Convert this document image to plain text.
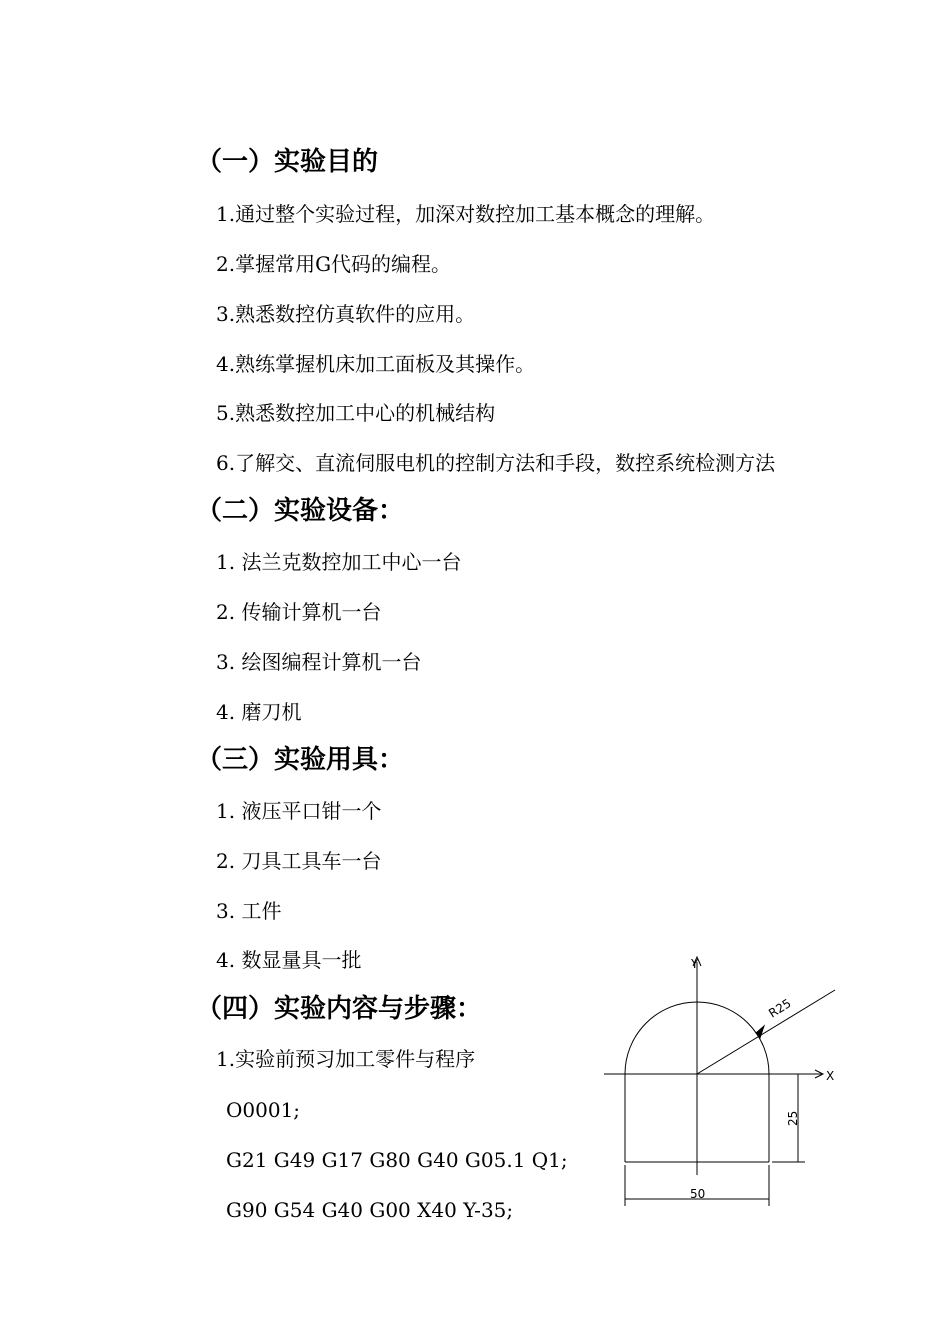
（一）实验目的
1.通过整个实验过程，加深对数控加工基本概念的理解。
2.掌握常用G代码的编程。
3.熟悉数控仿真软件的应用。
4.熟练掌握机床加工面板及其操作。
5.熟悉数控加工中心的机械结构
6.了解交、直流伺服电机的控制方法和手段，数控系统检测方法
（二）实验设备：
1. 法兰克数控加工中心一台
2. 传输计算机一台
3. 绘图编程计算机一台
4. 磨刀机
（三）实验用具：
1. 液压平口钳一个
2. 刀具工具车一台
3. 工件
4. 数显量具一批
（四）实验内容与步骤：
1.实验前预习加工零件与程序
O0001;
G21 G49 G17 G80 G40 G05.1 Q1;
G90 G54 G40 G00 X40 Y-35;
Y
X
R25
25
50
